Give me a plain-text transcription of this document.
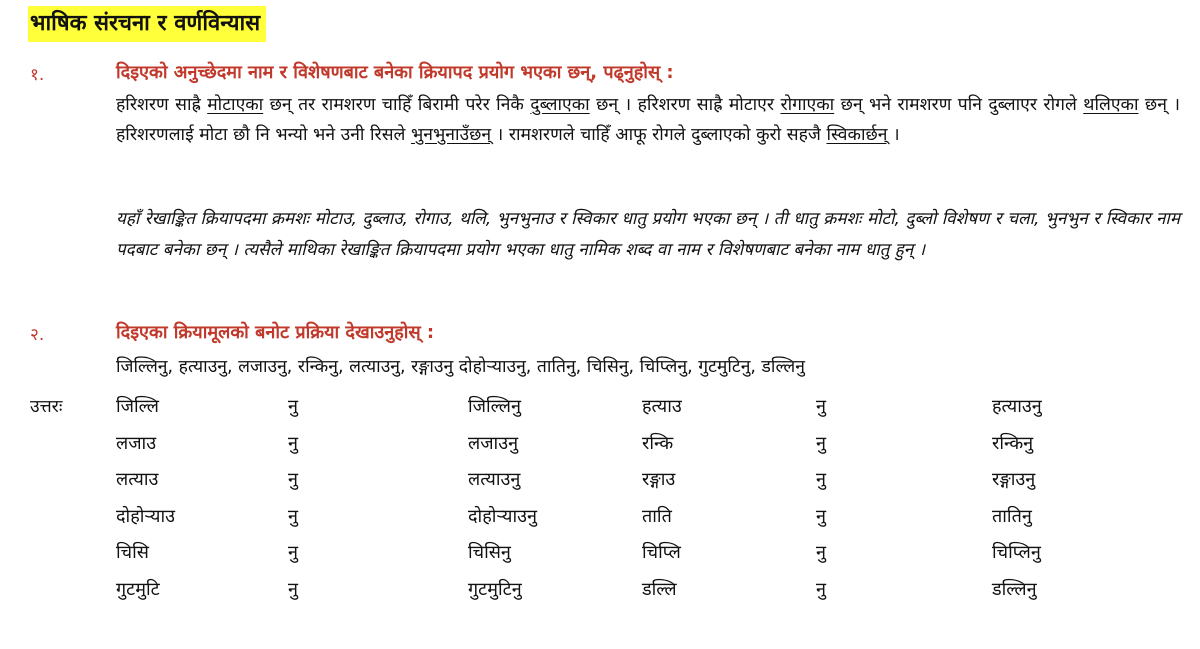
भाषिक संरचना र वर्णविन्यास
१.	दिइएको अनुच्छेदमा नाम र विशेषणबाट बनेका क्रियापद प्रयोग भएका छन्, पढ्नुहोस् :
हरिशरण साह्रै मोटाएका छन् तर रामशरण चाहिँ बिरामी परेर निकै दुब्लाएका छन् । हरिशरण साह्रै मोटाएर रोगाएका छन् भने रामशरण पनि दुब्लाएर रोगले थलिएका छन् । हरिशरणलाई मोटा छौ नि भन्यो भने उनी रिसले भुनभुनाउँछन् । रामशरणले चाहिँ आफू रोगले दुब्लाएको कुरो सहजै स्विकार्छन् ।
यहाँ रेखाङ्कित क्रियापदमा क्रमशः मोटाउ, दुब्लाउ, रोगाउ, थलि, भुनभुनाउ र स्विकार धातु प्रयोग भएका छन् । ती धातु क्रमशः मोटो, दुब्लो विशेषण र चला, भुनभुन र स्विकार नाम पदबाट बनेका छन् । त्यसैले माथिका रेखाङ्कित क्रियापदमा प्रयोग भएका धातु नामिक शब्द वा नाम र विशेषणबाट बनेका नाम धातु हुन् ।
२.	दिइएका क्रियामूलको बनोट प्रक्रिया देखाउनुहोस् :
जिल्लिनु, हत्याउनु, लजाउनु, रन्किनु, लत्याउनु, रङ्गाउनु दोहोऱ्याउनु, तातिनु, चिसिनु, चिप्लिनु, गुटमुटिनु, डल्लिनु
उत्तरः	जिल्लि	नु	जिल्लिनु	हत्याउ	नु	हत्याउनु
लजाउ	नु	लजाउनु	रन्कि	नु	रन्किनु
लत्याउ	नु	लत्याउनु	रङ्गाउ	नु	रङ्गाउनु
दोहोऱ्याउ	नु	दोहोऱ्याउनु	ताति	नु	तातिनु
चिसि	नु	चिसिनु	चिप्लि	नु	चिप्लिनु
गुटमुटि	नु	गुटमुटिनु	डल्लि	नु	डल्लिनु
